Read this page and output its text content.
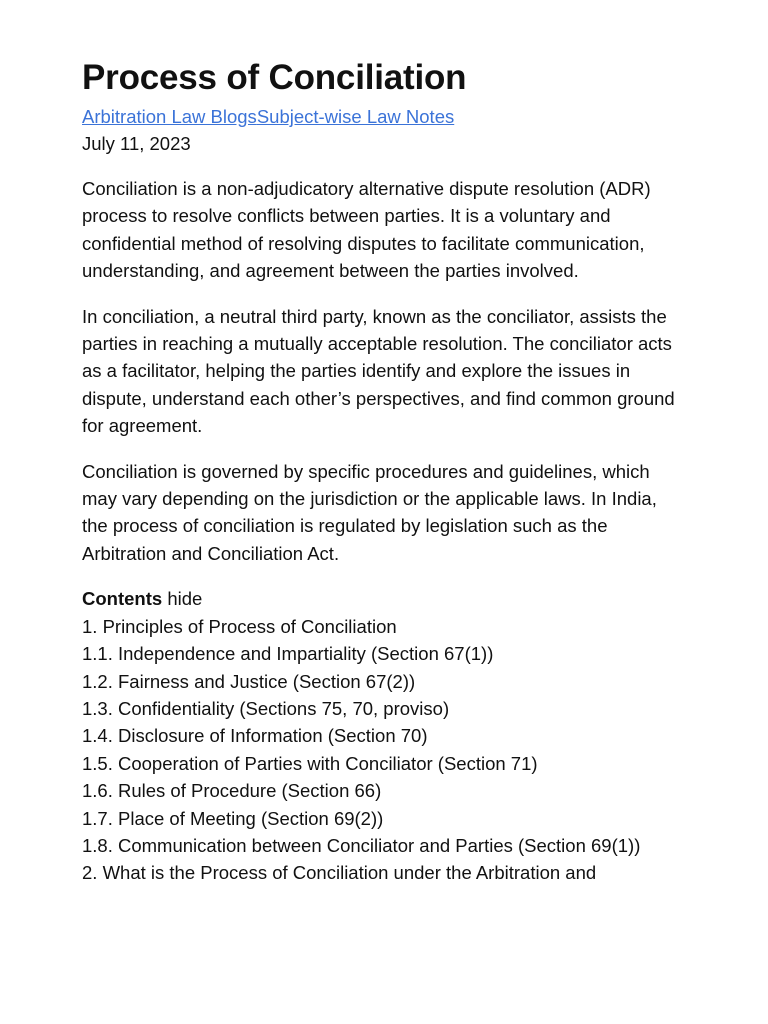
Process of Conciliation
Arbitration Law BlogsSubject-wise Law Notes
July 11, 2023

Conciliation is a non-adjudicatory alternative dispute resolution (ADR) process to resolve conflicts between parties. It is a voluntary and confidential method of resolving disputes to facilitate communication, understanding, and agreement between the parties involved.

In conciliation, a neutral third party, known as the conciliator, assists the parties in reaching a mutually acceptable resolution. The conciliator acts as a facilitator, helping the parties identify and explore the issues in dispute, understand each other’s perspectives, and find common ground for agreement.

Conciliation is governed by specific procedures and guidelines, which may vary depending on the jurisdiction or the applicable laws. In India, the process of conciliation is regulated by legislation such as the Arbitration and Conciliation Act.

Contents hide
1. Principles of Process of Conciliation
1.1. Independence and Impartiality (Section 67(1))
1.2. Fairness and Justice (Section 67(2))
1.3. Confidentiality (Sections 75, 70, proviso)
1.4. Disclosure of Information (Section 70)
1.5. Cooperation of Parties with Conciliator (Section 71)
1.6. Rules of Procedure (Section 66)
1.7. Place of Meeting (Section 69(2))
1.8. Communication between Conciliator and Parties (Section 69(1))
2. What is the Process of Conciliation under the Arbitration and
